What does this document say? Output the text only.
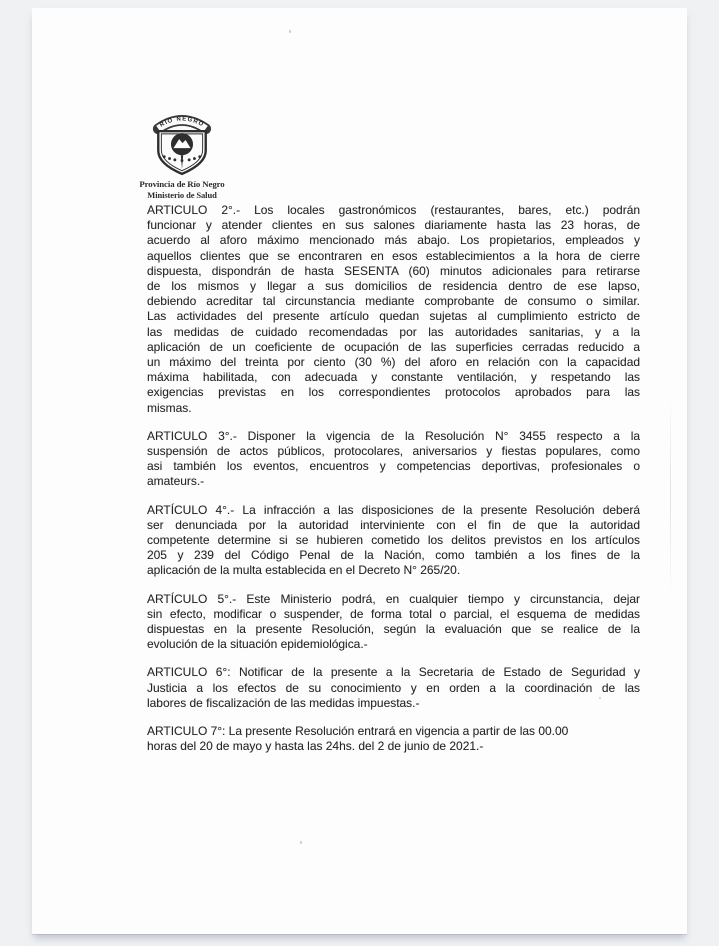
RIO NEGRO
Provincia de Río Negro
Ministerio de Salud
ARTICULO 2°.- Los locales gastronómicos (restaurantes, bares, etc.) podrán
funcionar y atender clientes en sus salones diariamente hasta las 23 horas, de
acuerdo al aforo máximo mencionado más abajo. Los propietarios, empleados y
aquellos clientes que se encontraren en esos establecimientos a la hora de cierre
dispuesta, dispondrán de hasta SESENTA (60) minutos adicionales para retirarse
de los mismos y llegar a sus domicilios de residencia dentro de ese lapso,
debiendo acreditar tal circunstancia mediante comprobante de consumo o similar.
Las actividades del presente artículo quedan sujetas al cumplimiento estricto de
las medidas de cuidado recomendadas por las autoridades sanitarias, y a la
aplicación de un coeficiente de ocupación de las superficies cerradas reducido a
un máximo del treinta por ciento (30 %) del aforo en relación con la capacidad
máxima habilitada, con adecuada y constante ventilación, y respetando las
exigencias previstas en los correspondientes protocolos aprobados para las
mismas.
ARTICULO 3°.- Disponer la vigencia de la Resolución N° 3455 respecto a la
suspensión de actos públicos, protocolares, aniversarios y fiestas populares, como
asi también los eventos, encuentros y competencias deportivas, profesionales o
amateurs.-
ARTÍCULO 4°.- La infracción a las disposiciones de la presente Resolución deberá
ser denunciada por la autoridad interviniente con el fin de que la autoridad
competente determine si se hubieren cometido los delitos previstos en los artículos
205 y 239 del Código Penal de la Nación, como también a los fines de la
aplicación de la multa establecida en el Decreto N° 265/20.
ARTÍCULO 5°.- Este Ministerio podrá, en cualquier tiempo y circunstancia, dejar
sin efecto, modificar o suspender, de forma total o parcial, el esquema de medidas
dispuestas en la presente Resolución, según la evaluación que se realice de la
evolución de la situación epidemiológica.-
ARTICULO 6°: Notificar de la presente a la Secretaria de Estado de Seguridad y
Justicia a los efectos de su conocimiento y en orden a la coordinación de las
labores de fiscalización de las medidas impuestas.-
ARTICULO 7°: La presente Resolución entrará en vigencia a partir de las 00.00
horas del 20 de mayo y hasta las 24hs. del 2 de junio de 2021.-
